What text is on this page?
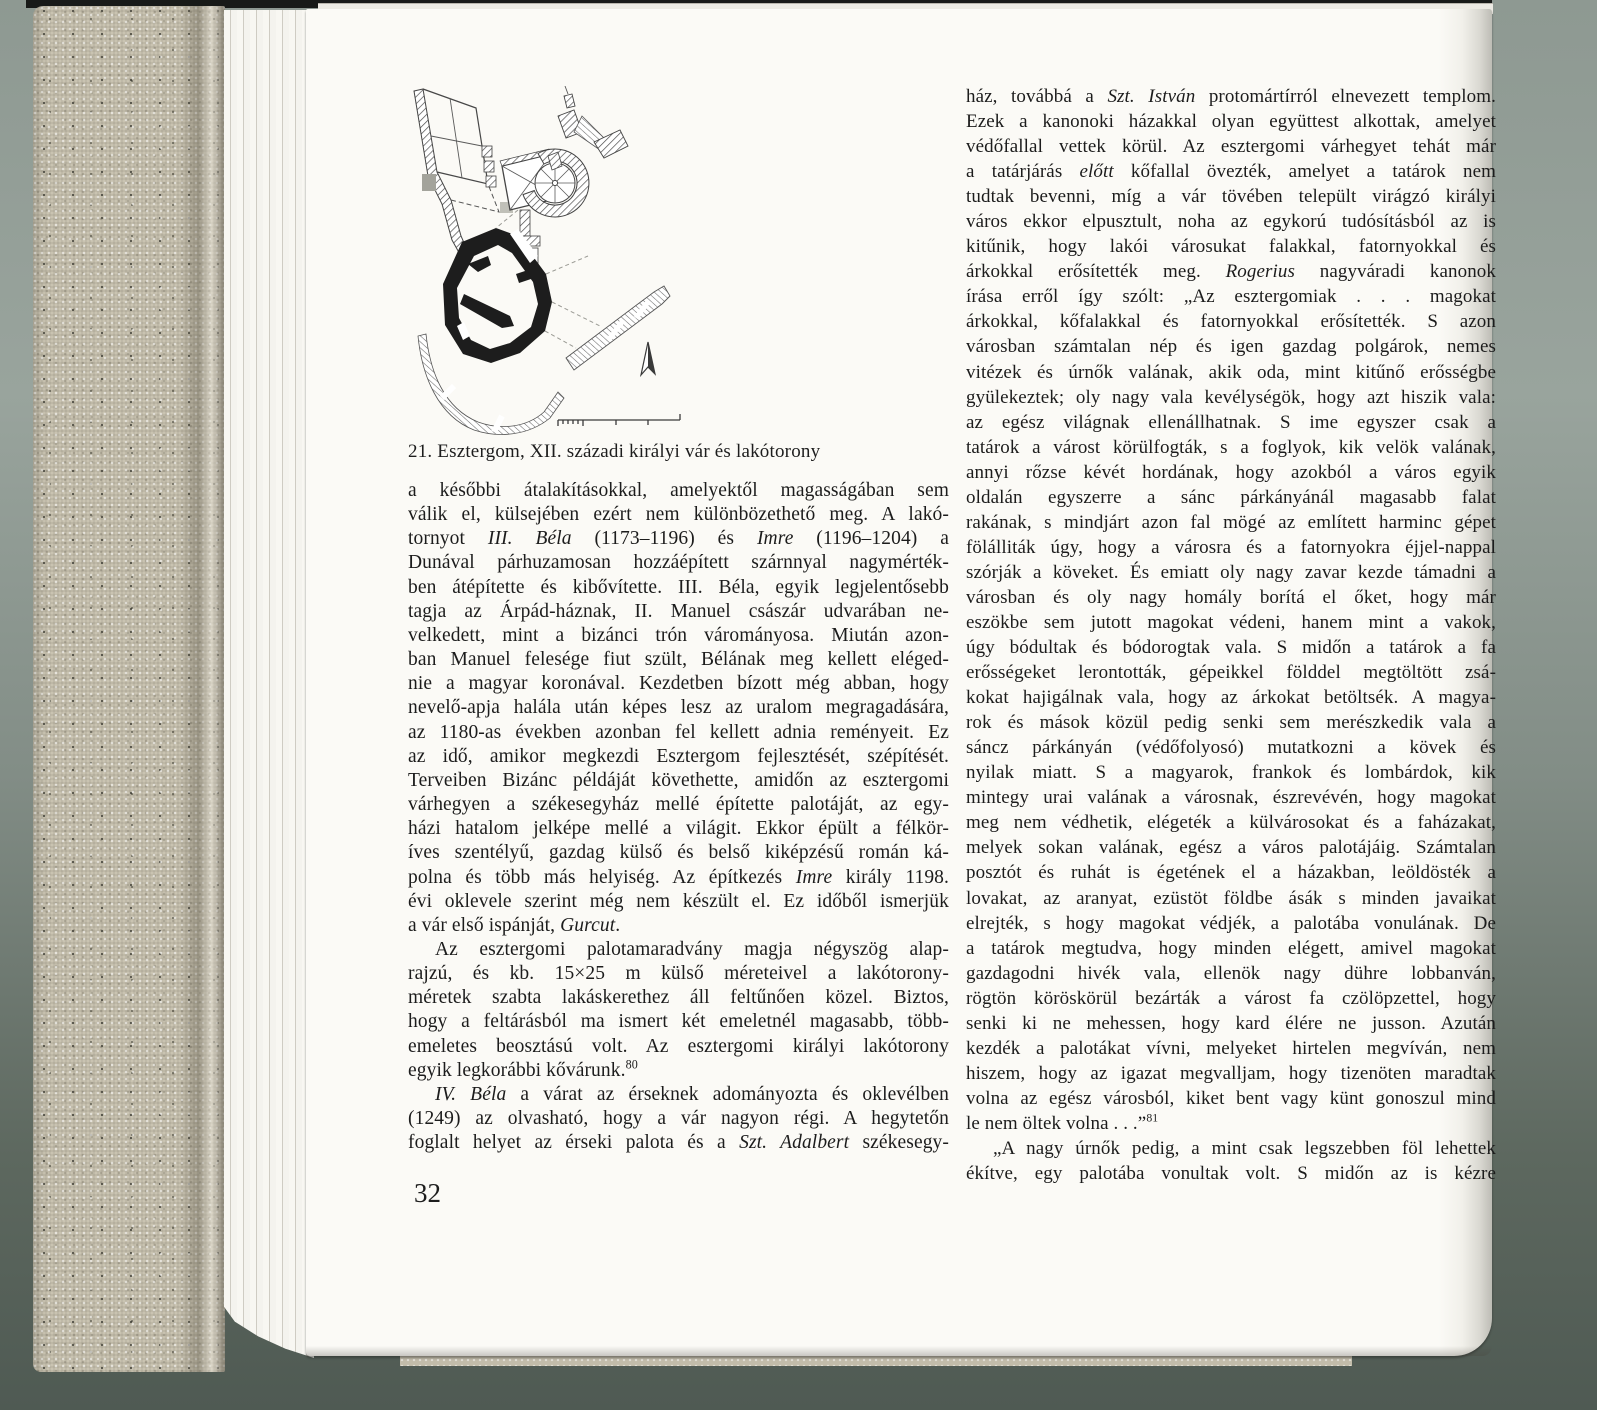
21. Esztergom, XII. századi királyi vár és lakótorony
a későbbi átalakításokkal, amelyektől magasságában sem
válik el, külsejében ezért nem különbözethető meg. A lakó-
tornyot III. Béla (1173–1196) és Imre (1196–1204) a
Dunával párhuzamosan hozzáépített szárnnyal nagymérték-
ben átépítette és kibővítette. III. Béla, egyik legjelentősebb
tagja az Árpád-háznak, II. Manuel császár udvarában ne-
velkedett, mint a bizánci trón várományosa. Miután azon-
ban Manuel felesége fiut szült, Bélának meg kellett eléged-
nie a magyar koronával. Kezdetben bízott még abban, hogy
nevelő-apja halála után képes lesz az uralom megragadására,
az 1180-as években azonban fel kellett adnia reményeit. Ez
az idő, amikor megkezdi Esztergom fejlesztését, szépítését.
Terveiben Bizánc példáját követhette, amidőn az esztergomi
várhegyen a székesegyház mellé építette palotáját, az egy-
házi hatalom jelképe mellé a világit. Ekkor épült a félkör-
íves szentélyű, gazdag külső és belső kiképzésű román ká-
polna és több más helyiség. Az építkezés Imre király 1198.
évi oklevele szerint még nem készült el. Ez időből ismerjük
a vár első ispánját, Gurcut.
Az esztergomi palotamaradvány magja négyszög alap-
rajzú, és kb. 15×25 m külső méreteivel a lakótorony-
méretek szabta lakáskerethez áll feltűnően közel. Biztos,
hogy a feltárásból ma ismert két emeletnél magasabb, több-
emeletes beosztású volt. Az esztergomi királyi lakótorony
egyik legkorábbi kővárunk.$^{80}$
IV. Béla a várat az érseknek adományozta és oklevélben
(1249) az olvasható, hogy a vár nagyon régi. A hegytetőn
foglalt helyet az érseki palota és a Szt. Adalbert székesegy-
ház, továbbá a Szt. István protomártírról elnevezett templom.
Ezek a kanonoki házakkal olyan együttest alkottak, amelyet
védőfallal vettek körül. Az esztergomi várhegyet tehát már
a tatárjárás előtt kőfallal övezték, amelyet a tatárok nem
tudtak bevenni, míg a vár tövében települt virágzó királyi
város ekkor elpusztult, noha az egykorú tudósításból az is
kitűnik, hogy lakói városukat falakkal, fatornyokkal és
árkokkal erősítették meg. Rogerius nagyváradi kanonok
írása erről így szólt: „Az esztergomiak . . . magokat
árkokkal, kőfalakkal és fatornyokkal erősítették. S azon
városban számtalan nép és igen gazdag polgárok, nemes
vitézek és úrnők valának, akik oda, mint kitűnő erősségbe
gyülekeztek; oly nagy vala kevélységök, hogy azt hiszik vala:
az egész világnak ellenállhatnak. S ime egyszer csak a
tatárok a várost körülfogták, s a foglyok, kik velök valának,
annyi rőzse kévét hordának, hogy azokból a város egyik
oldalán egyszerre a sánc párkányánál magasabb falat
rakának, s mindjárt azon fal mögé az említett harminc gépet
fölálliták úgy, hogy a városra és a fatornyokra éjjel-nappal
szórják a köveket. És emiatt oly nagy zavar kezde támadni a
városban és oly nagy homály borítá el őket, hogy már
eszökbe sem jutott magokat védeni, hanem mint a vakok,
úgy bódultak és bódorogtak vala. S midőn a tatárok a fa
erősségeket lerontották, gépeikkel földdel megtöltött zsá-
kokat hajigálnak vala, hogy az árkokat betöltsék. A magya-
rok és mások közül pedig senki sem merészkedik vala a
sáncz párkányán (védőfolyosó) mutatkozni a kövek és
nyilak miatt. S a magyarok, frankok és lombárdok, kik
mintegy urai valának a városnak, észrevévén, hogy magokat
meg nem védhetik, elégeték a külvárosokat és a faházakat,
melyek sokan valának, egész a város palotájáig. Számtalan
posztót és ruhát is égetének el a házakban, leöldösték a
lovakat, az aranyat, ezüstöt földbe ásák s minden javaikat
elrejték, s hogy magokat védjék, a palotába vonulának. De
a tatárok megtudva, hogy minden elégett, amivel magokat
gazdagodni hivék vala, ellenök nagy dühre lobbanván,
rögtön köröskörül bezárták a várost fa czölöpzettel, hogy
senki ki ne mehessen, hogy kard élére ne jusson. Azután
kezdék a palotákat vívni, melyeket hirtelen megvíván, nem
hiszem, hogy az igazat megvalljam, hogy tizenöten maradtak
volna az egész városból, kiket bent vagy künt gonoszul mind
le nem öltek volna . . .”$^{81}$
„A nagy úrnők pedig, a mint csak legszebben föl lehettek
ékítve, egy palotába vonultak volt. S midőn az is kézre
32
